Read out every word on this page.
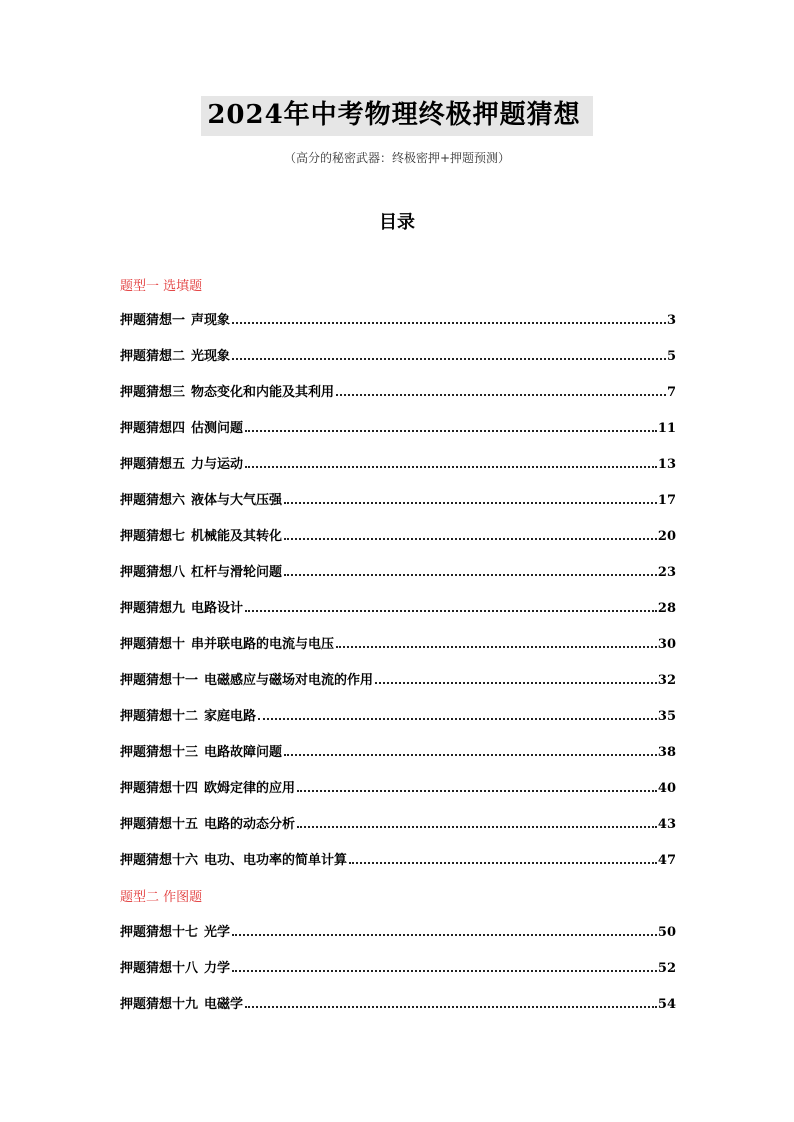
2024年中考物理终极押题猜想
（高分的秘密武器：终极密押+押题预测）
目录
题型一 选填题
押题猜想一 声现象	3
押题猜想二 光现象	5
押题猜想三 物态变化和内能及其利用	7
押题猜想四 估测问题	11
押题猜想五 力与运动	13
押题猜想六 液体与大气压强	17
押题猜想七 机械能及其转化	20
押题猜想八 杠杆与滑轮问题	23
押题猜想九 电路设计	28
押题猜想十 串并联电路的电流与电压	30
押题猜想十一 电磁感应与磁场对电流的作用	32
押题猜想十二 家庭电路	35
押题猜想十三 电路故障问题	38
押题猜想十四 欧姆定律的应用	40
押题猜想十五 电路的动态分析	43
押题猜想十六 电功、电功率的简单计算	47
题型二 作图题
押题猜想十七 光学	50
押题猜想十八 力学	52
押题猜想十九 电磁学	54
